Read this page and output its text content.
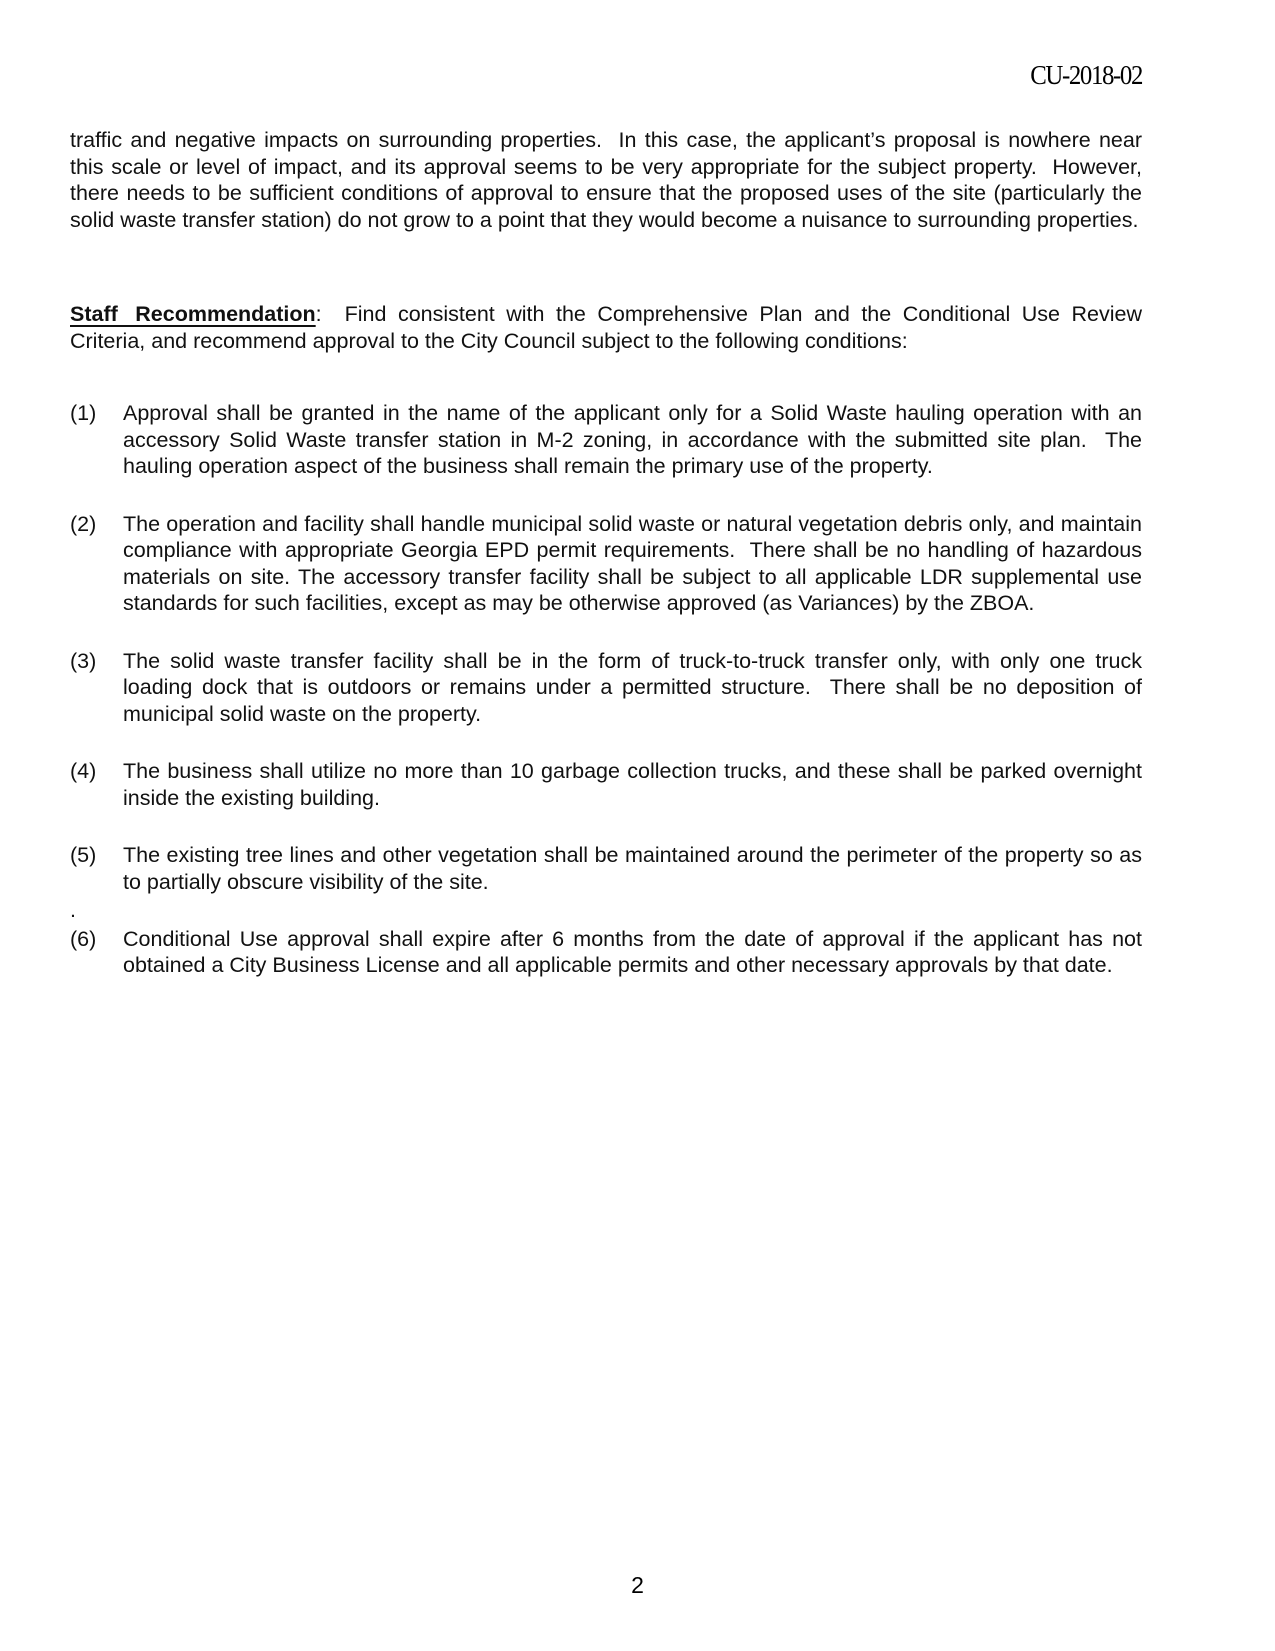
CU-2018-02
traffic and negative impacts on surrounding properties.  In this case, the applicant’s proposal is nowhere near this scale or level of impact, and its approval seems to be very appropriate for the subject property.  However, there needs to be sufficient conditions of approval to ensure that the proposed uses of the site (particularly the solid waste transfer station) do not grow to a point that they would become a nuisance to surrounding properties.
Staff Recommendation:  Find consistent with the Comprehensive Plan and the Conditional Use Review Criteria, and recommend approval to the City Council subject to the following conditions:
(1)	Approval shall be granted in the name of the applicant only for a Solid Waste hauling operation with an accessory Solid Waste transfer station in M-2 zoning, in accordance with the submitted site plan.  The hauling operation aspect of the business shall remain the primary use of the property.
(2)	The operation and facility shall handle municipal solid waste or natural vegetation debris only, and maintain compliance with appropriate Georgia EPD permit requirements.  There shall be no handling of hazardous materials on site. The accessory transfer facility shall be subject to all applicable LDR supplemental use standards for such facilities, except as may be otherwise approved (as Variances) by the ZBOA.
(3)	The solid waste transfer facility shall be in the form of truck-to-truck transfer only, with only one truck loading dock that is outdoors or remains under a permitted structure.  There shall be no deposition of municipal solid waste on the property.
(4)	The business shall utilize no more than 10 garbage collection trucks, and these shall be parked overnight inside the existing building.
(5)	The existing tree lines and other vegetation shall be maintained around the perimeter of the property so as to partially obscure visibility of the site.
.
(6)	Conditional Use approval shall expire after 6 months from the date of approval if the applicant has not obtained a City Business License and all applicable permits and other necessary approvals by that date.
2
